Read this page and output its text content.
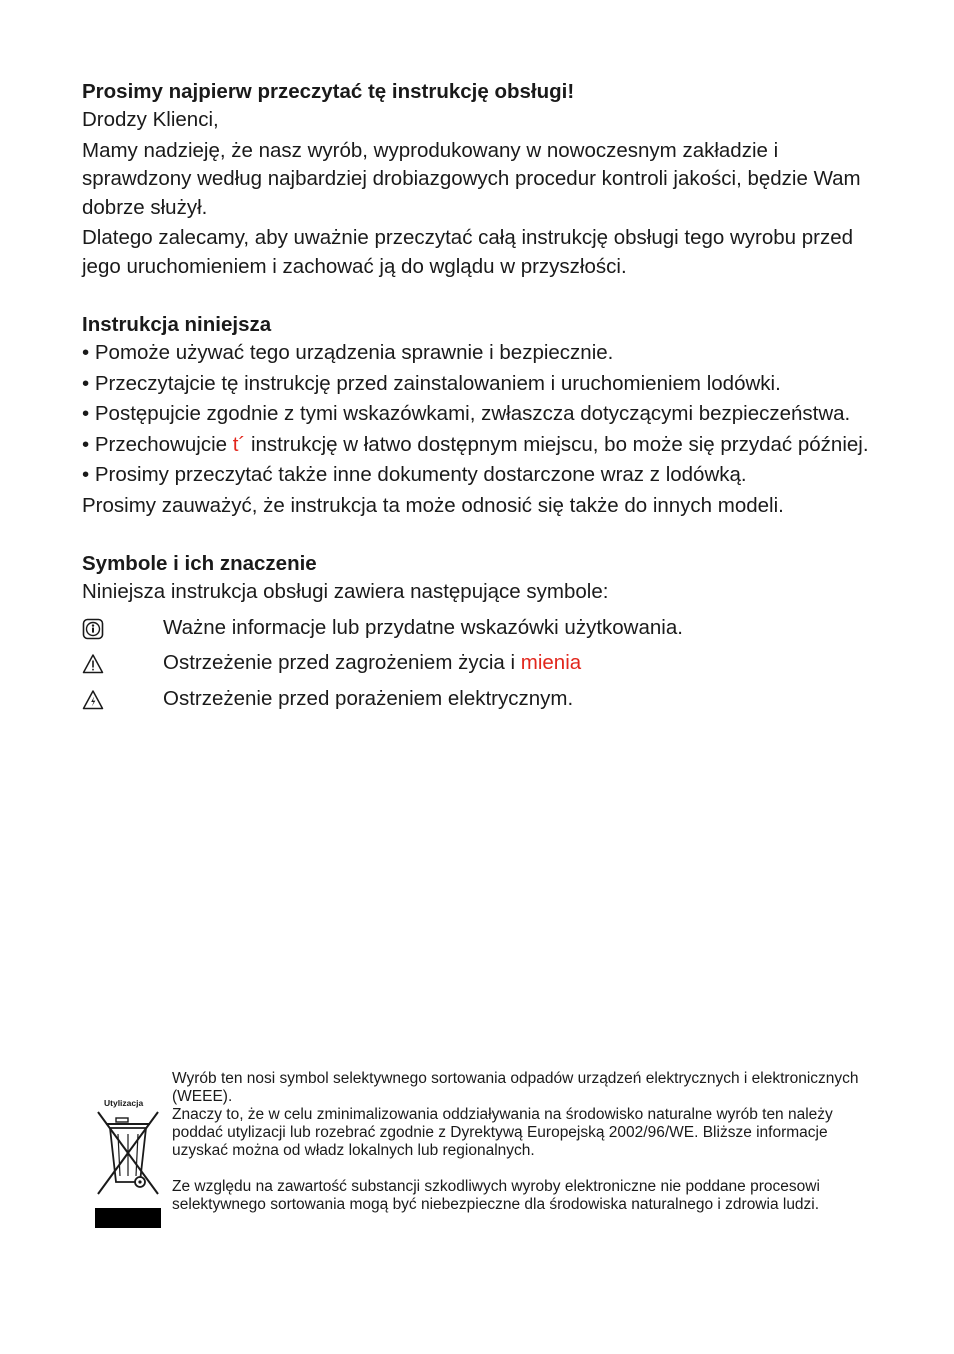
Prosimy najpierw przeczytać tę instrukcję obsługi!

Drodzy Klienci,

Mamy nadzieję, że nasz wyrób, wyprodukowany w nowoczesnym zakładzie i sprawdzony według najbardziej drobiazgowych procedur kontroli jakości, będzie Wam dobrze służył.

Dlatego zalecamy, aby uważnie przeczytać całą instrukcję obsługi tego wyrobu przed jego uruchomieniem i zachować ją do wglądu w przyszłości.

Instrukcja niniejsza

• Pomoże używać tego urządzenia sprawnie i bezpiecznie.

• Przeczytajcie tę instrukcję przed zainstalowaniem i uruchomieniem lodówki.

• Postępujcie zgodnie z tymi wskazówkami, zwłaszcza dotyczącymi bezpieczeństwa.

• Przechowujcie t´ instrukcję w łatwo dostępnym miejscu, bo może się przydać później.

• Prosimy przeczytać także inne dokumenty dostarczone wraz z lodówką.

Prosimy zauważyć, że instrukcja ta może odnosić się także do innych modeli.

Symbole i ich znaczenie

Niniejsza instrukcja obsługi zawiera następujące symbole:

Ważne informacje lub przydatne wskazówki użytkowania.
Ostrzeżenie przed zagrożeniem życia i mienia
Ostrzeżenie przed porażeniem elektrycznym.
Utylizacja

Wyrób ten nosi symbol selektywnego sortowania odpadów urządzeń elektrycznych i elektronicznych (WEEE).
Znaczy to, że w celu zminimalizowania oddziaływania na środowisko naturalne wyrób ten należy poddać utylizacji lub rozebrać zgodnie z Dyrektywą Europejską 2002/96/WE. Bliższe informacje uzyskać można od władz lokalnych lub regionalnych.

Ze względu na zawartość substancji szkodliwych wyroby elektroniczne nie poddane procesowi selektywnego sortowania mogą być niebezpieczne dla środowiska naturalnego i zdrowia ludzi.
